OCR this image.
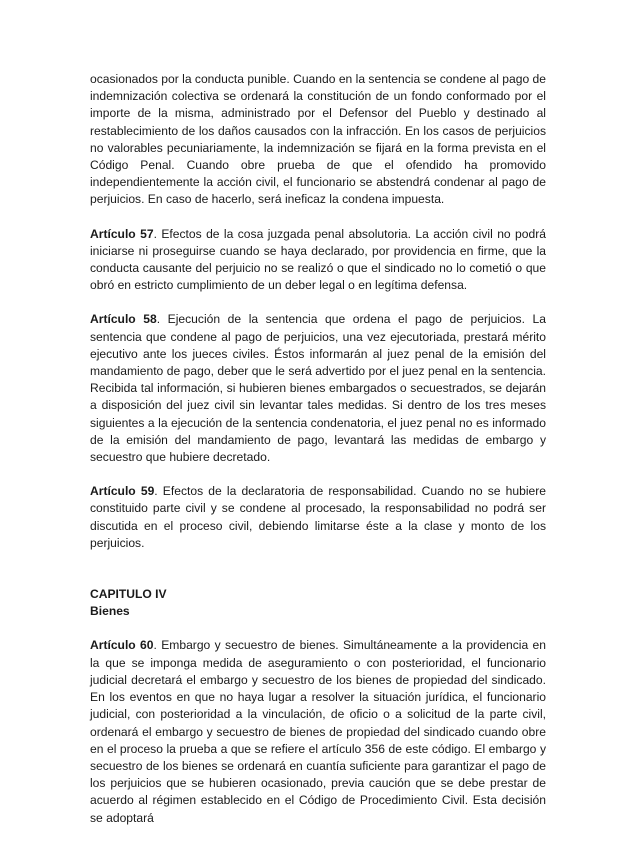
ocasionados por la conducta punible. Cuando en la sentencia se condene al pago de indemnización colectiva se ordenará la constitución de un fondo conformado por el importe de la misma, administrado por el Defensor del Pueblo y destinado al restablecimiento de los daños causados con la infracción. En los casos de perjuicios no valorables pecuniariamente, la indemnización se fijará en la forma prevista en el Código Penal. Cuando obre prueba de que el ofendido ha promovido independientemente la acción civil, el funcionario se abstendrá condenar al pago de perjuicios. En caso de hacerlo, será ineficaz la condena impuesta.

Artículo 57. Efectos de la cosa juzgada penal absolutoria. La acción civil no podrá iniciarse ni proseguirse cuando se haya declarado, por providencia en firme, que la conducta causante del perjuicio no se realizó o que el sindicado no lo cometió o que obró en estricto cumplimiento de un deber legal o en legítima defensa.

Artículo 58. Ejecución de la sentencia que ordena el pago de perjuicios. La sentencia que condene al pago de perjuicios, una vez ejecutoriada, prestará mérito ejecutivo ante los jueces civiles. Éstos informarán al juez penal de la emisión del mandamiento de pago, deber que le será advertido por el juez penal en la sentencia. Recibida tal información, si hubieren bienes embargados o secuestrados, se dejarán a disposición del juez civil sin levantar tales medidas. Si dentro de los tres meses siguientes a la ejecución de la sentencia condenatoria, el juez penal no es informado de la emisión del mandamiento de pago, levantará las medidas de embargo y secuestro que hubiere decretado.

Artículo 59. Efectos de la declaratoria de responsabilidad. Cuando no se hubiere constituido parte civil y se condene al procesado, la responsabilidad no podrá ser discutida en el proceso civil, debiendo limitarse éste a la clase y monto de los perjuicios.

CAPITULO IV
Bienes

Artículo 60. Embargo y secuestro de bienes. Simultáneamente a la providencia en la que se imponga medida de aseguramiento o con posterioridad, el funcionario judicial decretará el embargo y secuestro de los bienes de propiedad del sindicado. En los eventos en que no haya lugar a resolver la situación jurídica, el funcionario judicial, con posterioridad a la vinculación, de oficio o a solicitud de la parte civil, ordenará el embargo y secuestro de bienes de propiedad del sindicado cuando obre en el proceso la prueba a que se refiere el artículo 356 de este código. El embargo y secuestro de los bienes se ordenará en cuantía suficiente para garantizar el pago de los perjuicios que se hubieren ocasionado, previa caución que se debe prestar de acuerdo al régimen establecido en el Código de Procedimiento Civil. Esta decisión se adoptará
